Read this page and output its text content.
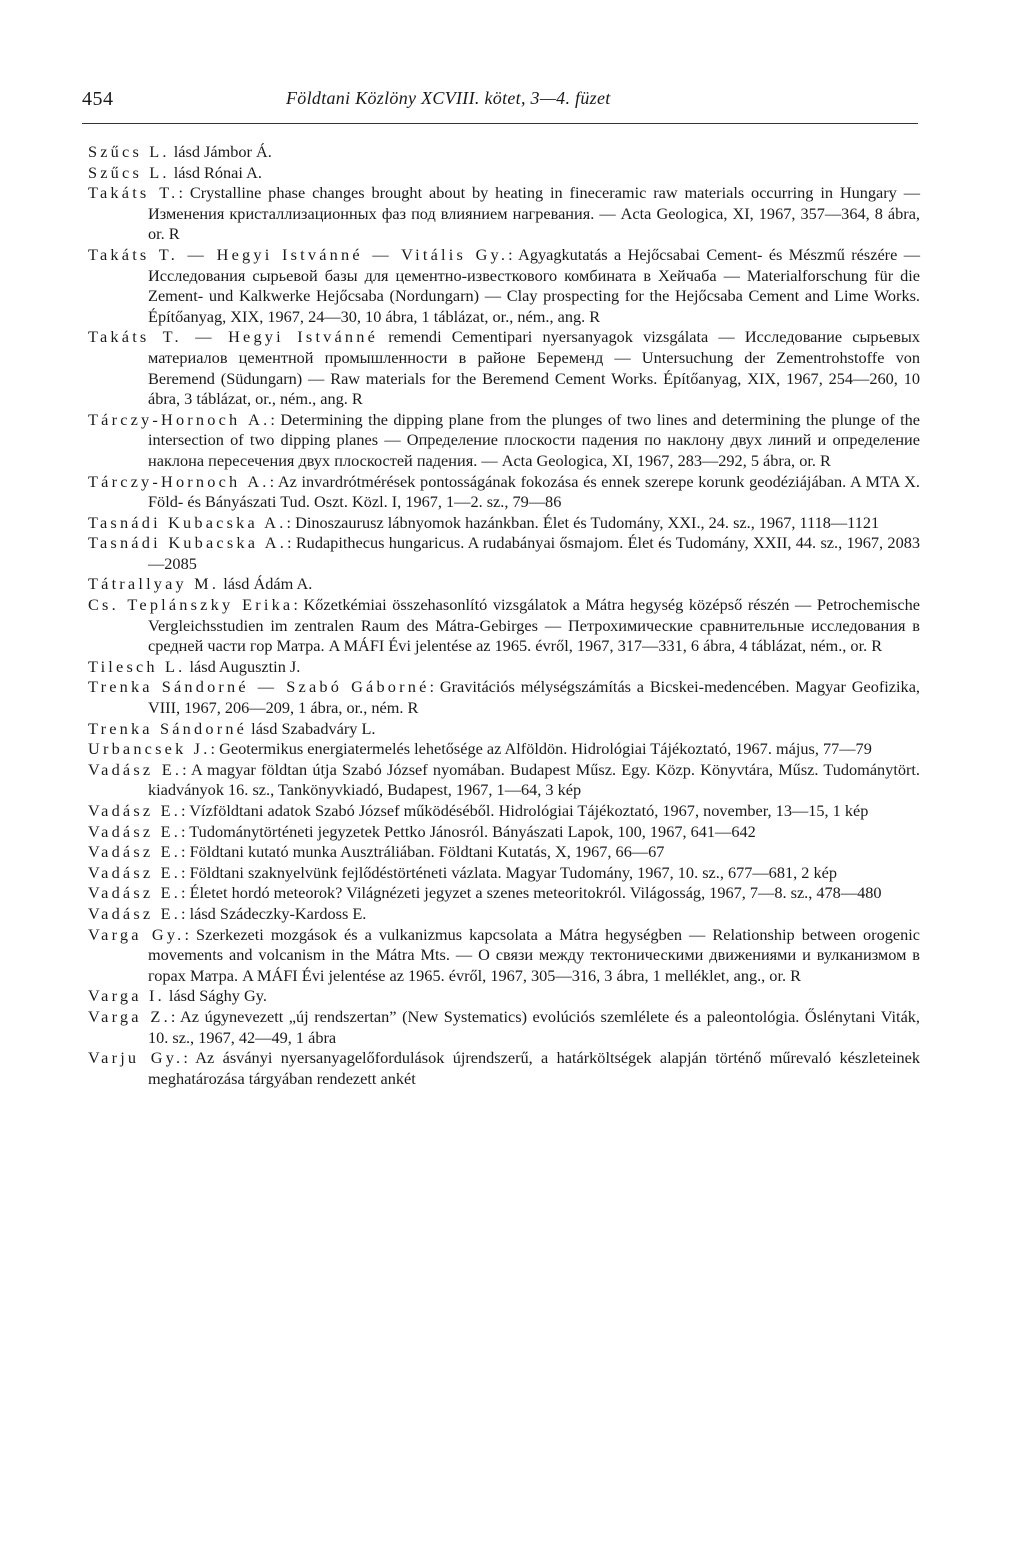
454	Földtani Közlöny XCVIII. kötet, 3—4. füzet

Szűcs L. lásd Jámbor Á.

Szűcs L. lásd Rónai A.

Takáts T.: Crystalline phase changes brought about by heating in fineceramic raw materials occurring in Hungary — Изменения кристаллизационных фаз под влиянием нагревания. — Acta Geologica, XI, 1967, 357—364, 8 ábra, or. R

Takáts T. — Hegyi Istvánné — Vitális Gy.: Agyagkutatás a Hejőcsabai Cement- és Mészmű részére — Исследования сырьевой базы для цементно-известкового комбината в Хейчаба — Materialforschung für die Zement- und Kalkwerke Hejőcsaba (Nordungarn) — Clay prospecting for the Hejőcsaba Cement and Lime Works. Építőanyag, XIX, 1967, 24—30, 10 ábra, 1 táblázat, or., ném., ang. R

Takáts T. — Hegyi Istvánné remendi Cementipari nyersanyagok vizsgálata — Исследование сырьевых материалов цементной промышленности в районе Беременд — Untersuchung der Zementrohstoffe von Beremend (Südungarn) — Raw materials for the Beremend Cement Works. Építőanyag, XIX, 1967, 254—260, 10 ábra, 3 táblázat, or., ném., ang. R

Tárczy-Hornoch A.: Determining the dipping plane from the plunges of two lines and determining the plunge of the intersection of two dipping planes — Определение плоскости падения по наклону двух линий и определение наклона пересечения двух плоскостей падения. — Acta Geologica, XI, 1967, 283—292, 5 ábra, or. R

Tárczy-Hornoch A.: Az invardrótmérések pontosságának fokozása és ennek szerepe korunk geodéziájában. A MTA X. Föld- és Bányászati Tud. Oszt. Közl. I, 1967, 1—2. sz., 79—86

Tasnádi Kubacska A.: Dinoszaurusz lábnyomok hazánkban. Élet és Tudomány, XXI., 24. sz., 1967, 1118—1121

Tasnádi Kubacska A.: Rudapithecus hungaricus. A rudabányai ősmajom. Élet és Tudomány, XXII, 44. sz., 1967, 2083—2085

Tátrallyay M. lásd Ádám A.

Cs. Teplánszky Erika: Kőzetkémiai összehasonlító vizsgálatok a Mátra hegység középső részén — Petrochemische Vergleichsstudien im zentralen Raum des Mátra-Gebirges — Петрохимические сравнительные исследования в средней части гор Матра. A MÁFI Évi jelentése az 1965. évről, 1967, 317—331, 6 ábra, 4 táblázat, ném., or. R

Tilesch L. lásd Augusztin J.

Trenka Sándorné — Szabó Gáborné: Gravitációs mélységszámítás a Bicskei-medencében. Magyar Geofizika, VIII, 1967, 206—209, 1 ábra, or., ném. R

Trenka Sándorné lásd Szabadváry L.

Urbancsek J.: Geotermikus energiatermelés lehetősége az Alföldön. Hidrológiai Tájékoztató, 1967. május, 77—79

Vadász E.: A magyar földtan útja Szabó József nyomában. Budapest Műsz. Egy. Közp. Könyvtára, Műsz. Tudománytört. kiadványok 16. sz., Tankönyvkiadó, Budapest, 1967, 1—64, 3 kép

Vadász E.: Vízföldtani adatok Szabó József működéséből. Hidrológiai Tájékoztató, 1967, november, 13—15, 1 kép

Vadász E.: Tudománytörténeti jegyzetek Pettko Jánosról. Bányászati Lapok, 100, 1967, 641—642

Vadász E.: Földtani kutató munka Ausztráliában. Földtani Kutatás, X, 1967, 66—67

Vadász E.: Földtani szaknyelvünk fejlődéstörténeti vázlata. Magyar Tudomány, 1967, 10. sz., 677—681, 2 kép

Vadász E.: Életet hordó meteorok? Világnézeti jegyzet a szenes meteoritokról. Világosság, 1967, 7—8. sz., 478—480

Vadász E.: lásd Szádeczky-Kardoss E.

Varga Gy.: Szerkezeti mozgások és a vulkanizmus kapcsolata a Mátra hegységben — Relationship between orogenic movements and volcanism in the Mátra Mts. — О связи между тектоническими движениями и вулканизмом в горах Матра. A MÁFI Évi jelentése az 1965. évről, 1967, 305—316, 3 ábra, 1 melléklet, ang., or. R

Varga I. lásd Sághy Gy.

Varga Z.: Az úgynevezett „új rendszertan” (New Systematics) evolúciós szemlélete és a paleontológia. Őslénytani Viták, 10. sz., 1967, 42—49, 1 ábra

Varju Gy.: Az ásványi nyersanyagelőfordulások újrendszerű, a határköltségek alapján történő műrevaló készleteinek meghatározása tárgyában rendezett ankét
